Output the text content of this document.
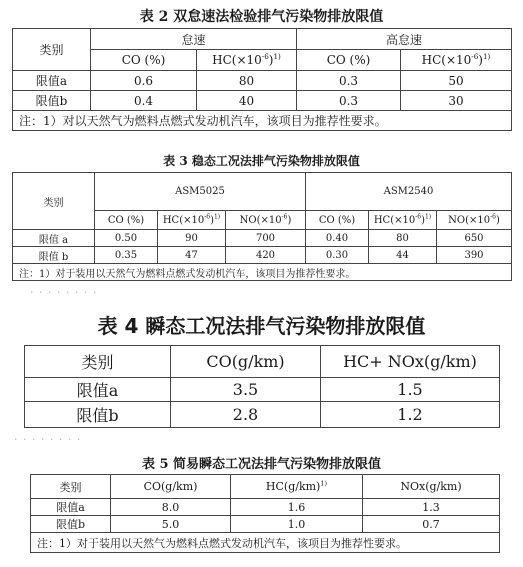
表 2 双怠速法检验排气污染物排放限值
类别	怠速		高怠速	
	CO (%)	$HC(\times 10^{-6})^{1)}$	CO (%)	$HC(\times 10^{-6})^{1)}$
限值a	0.6	80	0.3	50
限值b	0.4	40	0.3	30
注：1）对以天然气为燃料点燃式发动机汽车，该项目为推荐性要求。				
表 3 稳态工况法排气污染物排放限值
类别	ASM5025			ASM2540		
	CO (%)	$HC(\times 10^{-6})^{1)}$	$NO(\times 10^{-6})$	CO (%)	$HC(\times 10^{-6})^{1)}$	$NO(\times 10^{-6})$
限值 a	0.50	90	700	0.40	80	650
限值 b	0.35	47	420	0.30	44	390
注：1）对于装用以天然气为燃料点燃式发动机汽车，该项目为推荐性要求。						
· · · · · · · ·
表 4 瞬态工况法排气污染物排放限值
类别	CO(g/km)	HC+ NOx(g/km)
限值a	3.5	1.5
限值b	2.8	1.2
· · · · · · · ·
表 5 简易瞬态工况法排气污染物排放限值
类别	CO(g/km)	$HC(g/km)^{1)}$	NOx(g/km)
限值a	8.0	1.6	1.3
限值b	5.0	1.0	0.7
注：1）对于装用以天然气为燃料点燃式发动机汽车，该项目为推荐性要求。			
